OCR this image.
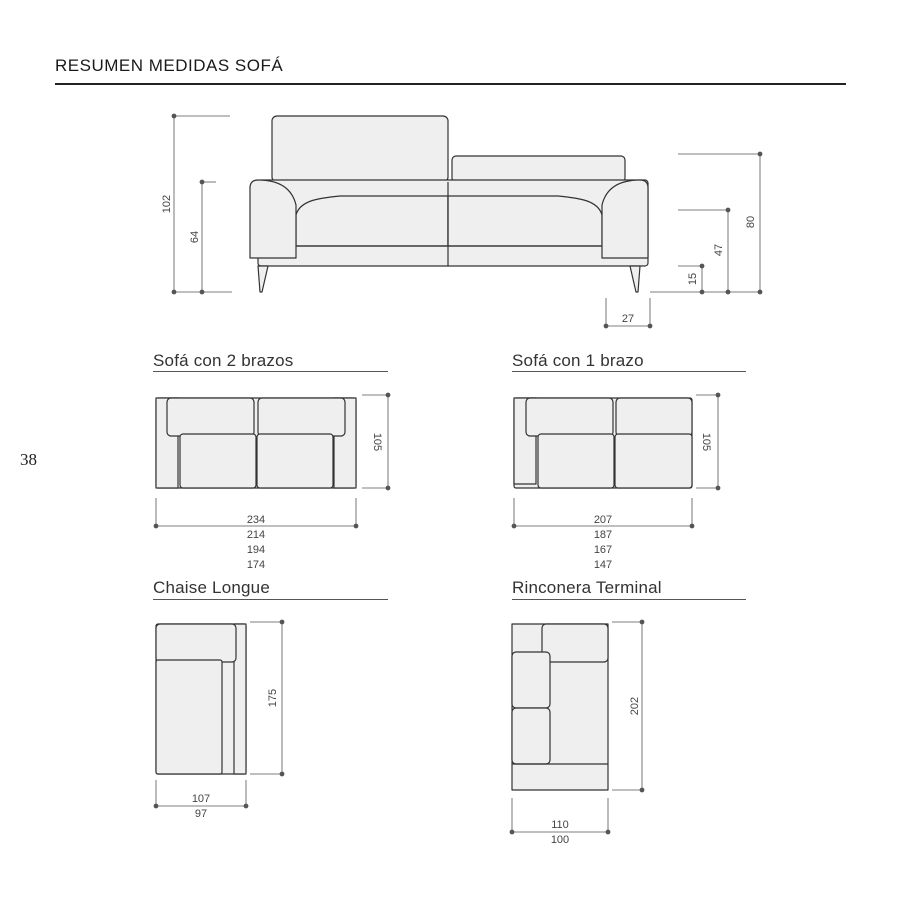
RESUMEN MEDIDAS SOFÁ
38
Sofá con 2 brazos	Sofá con 1 brazo
Chaise Longue	Rinconera Terminal
102
64
80
47
15
27
105
234
214
194
174
105
207
187
167
147
175
107
97
202
110
100
